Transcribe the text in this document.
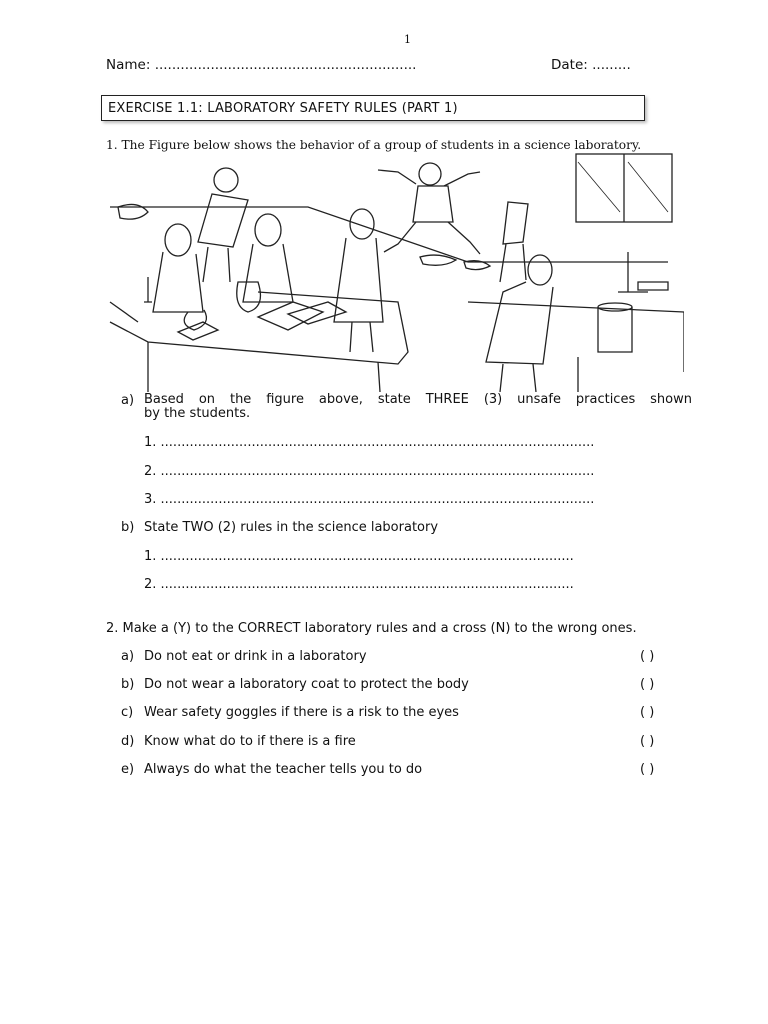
1
Name: .............................................................	Date: .........
EXERCISE 1.1: LABORATORY SAFETY RULES (PART 1)
1. The Figure below shows the behavior of a group of students in a science laboratory.
a) Based on the figure above, state THREE (3) unsafe practices shown
by the students.
1. .........................................................................................................
2. .........................................................................................................
3. .........................................................................................................
b) State TWO (2) rules in the science laboratory
1. ....................................................................................................
2. ....................................................................................................
2. Make a (Y) to the CORRECT laboratory rules and a cross (N) to the wrong ones.
a) Do not eat or drink in a laboratory	( )
b) Do not wear a laboratory coat to protect the body	( )
c) Wear safety goggles if there is a risk to the eyes	( )
d) Know what do to if there is a fire	( )
e) Always do what the teacher tells you to do	( )
